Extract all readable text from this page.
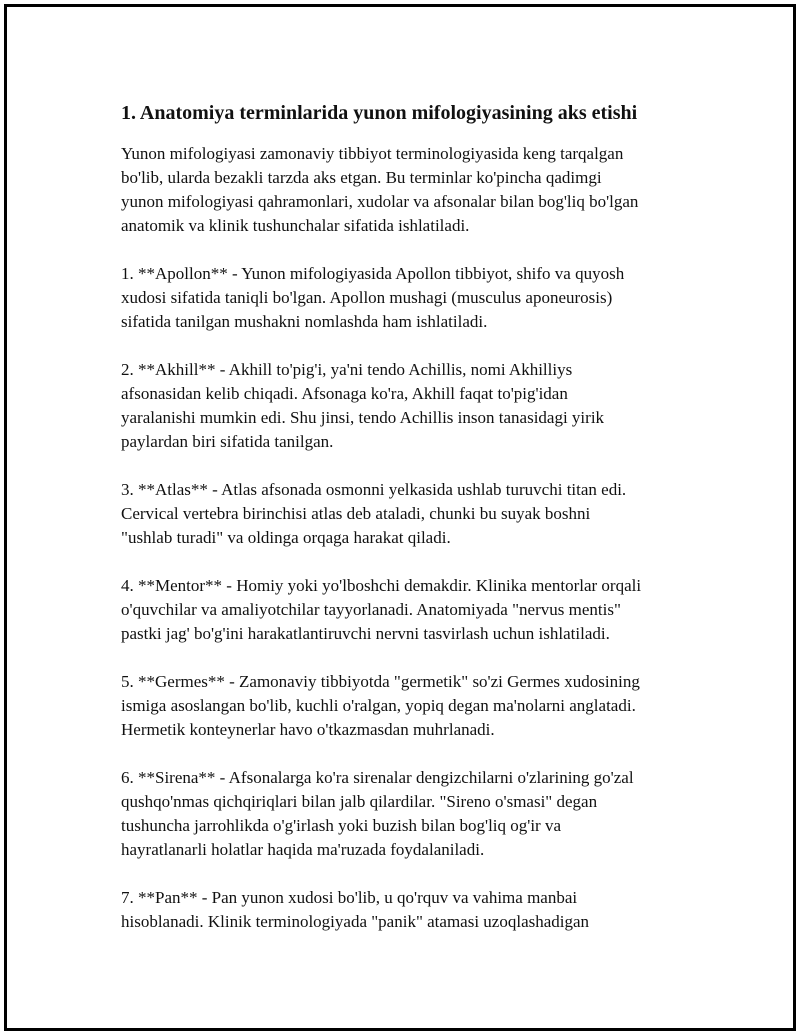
1. Anatomiya terminlarida yunon mifologiyasining aks etishi

Yunon mifologiyasi zamonaviy tibbiyot terminologiyasida keng tarqalgan
bo'lib, ularda bezakli tarzda aks etgan. Bu terminlar ko'pincha qadimgi
yunon mifologiyasi qahramonlari, xudolar va afsonalar bilan bog'liq bo'lgan
anatomik va klinik tushunchalar sifatida ishlatiladi.

1. **Apollon** - Yunon mifologiyasida Apollon tibbiyot, shifo va quyosh
xudosi sifatida taniqli bo'lgan. Apollon mushagi (musculus aponeurosis)
sifatida tanilgan mushakni nomlashda ham ishlatiladi.

2. **Akhill** - Akhill to'pig'i, ya'ni tendo Achillis, nomi Akhilliys
afsonasidan kelib chiqadi. Afsonaga ko'ra, Akhill faqat to'pig'idan
yaralanishi mumkin edi. Shu jinsi, tendo Achillis inson tanasidagi yirik
paylardan biri sifatida tanilgan.

3. **Atlas** - Atlas afsonada osmonni yelkasida ushlab turuvchi titan edi.
Cervical vertebra birinchisi atlas deb ataladi, chunki bu suyak boshni
"ushlab turadi" va oldinga orqaga harakat qiladi.

4. **Mentor** - Homiy yoki yo'lboshchi demakdir. Klinika mentorlar orqali
o'quvchilar va amaliyotchilar tayyorlanadi. Anatomiyada "nervus mentis"
pastki jag' bo'g'ini harakatlantiruvchi nervni tasvirlash uchun ishlatiladi.

5. **Germes** - Zamonaviy tibbiyotda "germetik" so'zi Germes xudosining
ismiga asoslangan bo'lib, kuchli o'ralgan, yopiq degan ma'nolarni anglatadi.
Hermetik konteynerlar havo o'tkazmasdan muhrlanadi.

6. **Sirena** - Afsonalarga ko'ra sirenalar dengizchilarni o'zlarining go'zal
qushqo'nmas qichqiriqlari bilan jalb qilardilar. "Sireno o'smasi" degan
tushuncha jarrohlikda o'g'irlash yoki buzish bilan bog'liq og'ir va
hayratlanarli holatlar haqida ma'ruzada foydalaniladi.

7. **Pan** - Pan yunon xudosi bo'lib, u qo'rquv va vahima manbai
hisoblanadi. Klinik terminologiyada "panik" atamasi uzoqlashadigan
